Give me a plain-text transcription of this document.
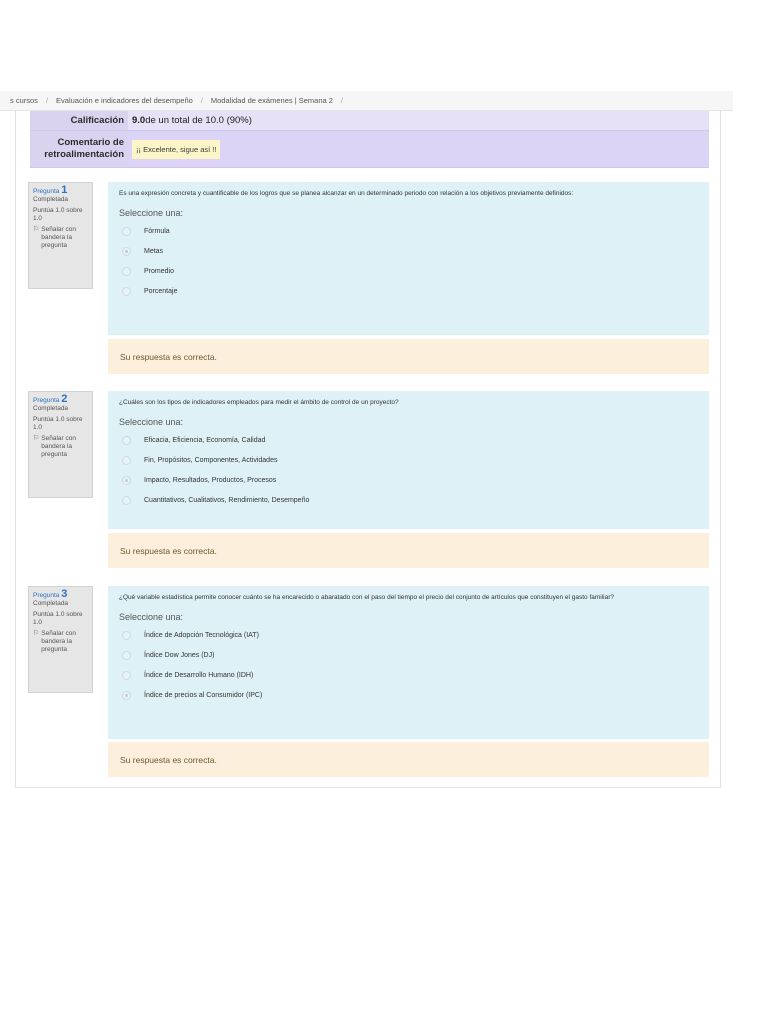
s cursos / Evaluación e indicadores del desempeño / Modalidad de exámenes | Semana 2 /
Calificación 9.0 de un total de 10.0 (90%)
Comentario de retroalimentación	¡¡ Excelente, sigue así !!
Pregunta 1
Completada
Puntúa 1.0 sobre 1.0
⚐ Señalar con bandera la pregunta
Es una expresión concreta y cuantificable de los logros que se planea alcanzar en un determinado periodo con relación a los objetivos previamente definidos:
Seleccione una:
Fórmula
Metas
Promedio
Porcentaje
Su respuesta es correcta.
Pregunta 2
Completada
Puntúa 1.0 sobre 1.0
⚐ Señalar con bandera la pregunta
¿Cuáles son los tipos de indicadores empleados para medir el ámbito de control de un proyecto?
Seleccione una:
Eficacia, Eficiencia, Economía, Calidad
Fin, Propósitos, Componentes, Actividades
Impacto, Resultados, Productos, Procesos
Cuantitativos, Cualitativos, Rendimiento, Desempeño
Su respuesta es correcta.
Pregunta 3
Completada
Puntúa 1.0 sobre 1.0
⚐ Señalar con bandera la pregunta
¿Qué variable estadística permite conocer cuánto se ha encarecido o abaratado con el paso del tiempo el precio del conjunto de artículos que constituyen el gasto familiar?
Seleccione una:
Índice de Adopción Tecnológica (IAT)
Índice Dow Jones (DJ)
Índice de Desarrollo Humano (IDH)
Índice de precios al Consumidor (IPC)
Su respuesta es correcta.
